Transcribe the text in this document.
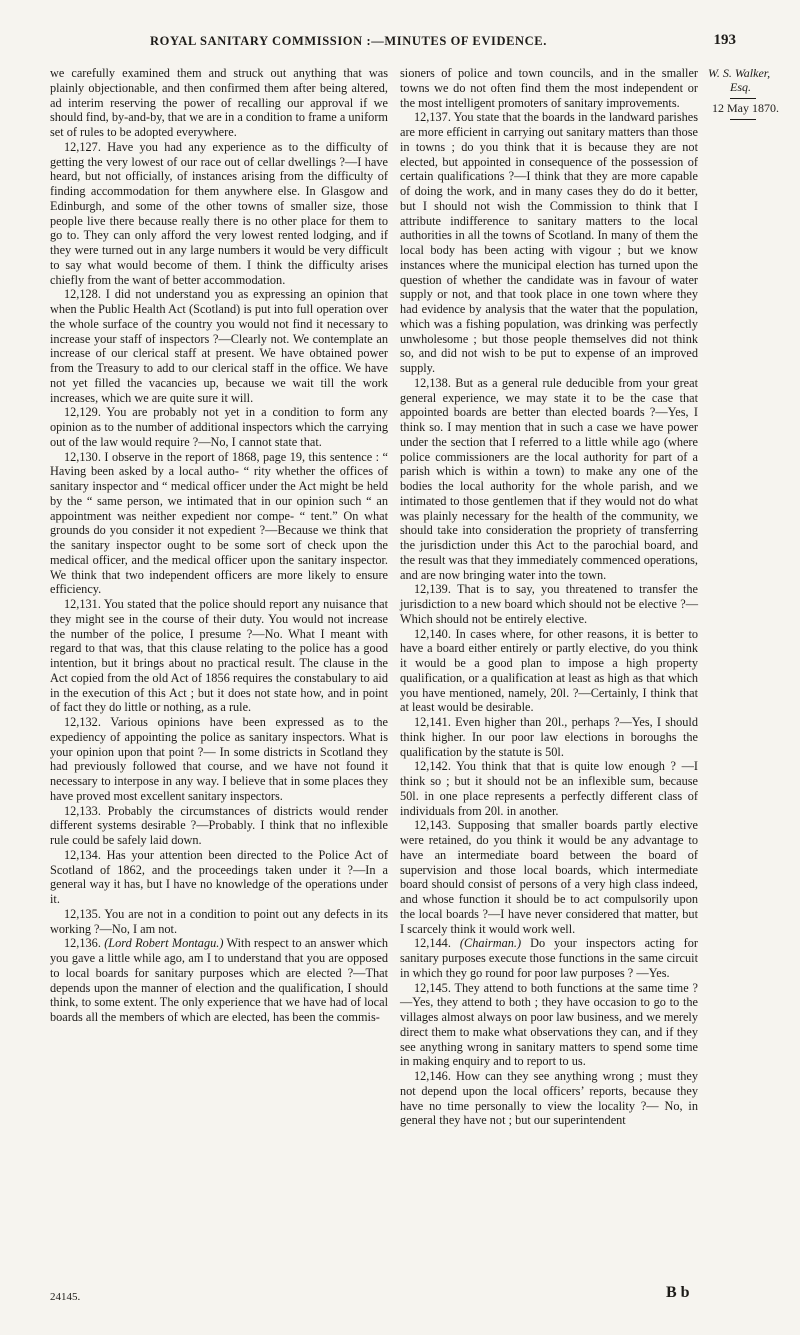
ROYAL SANITARY COMMISSION :—MINUTES OF EVIDENCE.	193

we carefully examined them and struck out anything that was plainly objectionable, and then confirmed them after being altered, ad interim reserving the power of recalling our approval if we should find, by-and-by, that we are in a condition to frame a uniform set of rules to be adopted everywhere.

12,127. Have you had any experience as to the difficulty of getting the very lowest of our race out of cellar dwellings ?—I have heard, but not officially, of instances arising from the difficulty of finding accommodation for them anywhere else. In Glasgow and Edinburgh, and some of the other towns of smaller size, those people live there because really there is no other place for them to go to. They can only afford the very lowest rented lodging, and if they were turned out in any large numbers it would be very difficult to say what would become of them. I think the difficulty arises chiefly from the want of better accommodation.

12,128. I did not understand you as expressing an opinion that when the Public Health Act (Scotland) is put into full operation over the whole surface of the country you would not find it necessary to increase your staff of inspectors ?—Clearly not. We contemplate an increase of our clerical staff at present. We have obtained power from the Treasury to add to our clerical staff in the office. We have not yet filled the vacancies up, because we wait till the work increases, which we are quite sure it will.

12,129. You are probably not yet in a condition to form any opinion as to the number of additional inspectors which the carrying out of the law would require ?—No, I cannot state that.

12,130. I observe in the report of 1868, page 19, this sentence : “ Having been asked by a local autho- “ rity whether the offices of sanitary inspector and “ medical officer under the Act might be held by the “ same person, we intimated that in our opinion such “ an appointment was neither expedient nor compe- “ tent.” On what grounds do you consider it not expedient ?—Because we think that the sanitary inspector ought to be some sort of check upon the medical officer, and the medical officer upon the sanitary inspector. We think that two independent officers are more likely to ensure efficiency.

12,131. You stated that the police should report any nuisance that they might see in the course of their duty. You would not increase the number of the police, I presume ?—No. What I meant with regard to that was, that this clause relating to the police has a good intention, but it brings about no practical result. The clause in the Act copied from the old Act of 1856 requires the constabulary to aid in the execution of this Act ; but it does not state how, and in point of fact they do little or nothing, as a rule.

12,132. Various opinions have been expressed as to the expediency of appointing the police as sanitary inspectors. What is your opinion upon that point ?— In some districts in Scotland they had previously followed that course, and we have not found it necessary to interpose in any way. I believe that in some places they have proved most excellent sanitary inspectors.

12,133. Probably the circumstances of districts would render different systems desirable ?—Probably. I think that no inflexible rule could be safely laid down.

12,134. Has your attention been directed to the Police Act of Scotland of 1862, and the proceedings taken under it ?—In a general way it has, but I have no knowledge of the operations under it.

12,135. You are not in a condition to point out any defects in its working ?—No, I am not.

12,136. (Lord Robert Montagu.) With respect to an answer which you gave a little while ago, am I to understand that you are opposed to local boards for sanitary purposes which are elected ?—That depends upon the manner of election and the qualification, I should think, to some extent. The only experience that we have had of local boards all the members of which are elected, has been the commis-

sioners of police and town councils, and in the smaller towns we do not often find them the most independent or the most intelligent promoters of sanitary improvements.

12,137. You state that the boards in the landward parishes are more efficient in carrying out sanitary matters than those in towns ; do you think that it is because they are not elected, but appointed in consequence of the possession of certain qualifications ?—I think that they are more capable of doing the work, and in many cases they do do it better, but I should not wish the Commission to think that I attribute indifference to sanitary matters to the local authorities in all the towns of Scotland. In many of them the local body has been acting with vigour ; but we know instances where the municipal election has turned upon the question of whether the candidate was in favour of water supply or not, and that took place in one town where they had evidence by analysis that the water that the population, which was a fishing population, was drinking was perfectly unwholesome ; but those people themselves did not think so, and did not wish to be put to expense of an improved supply.

12,138. But as a general rule deducible from your great general experience, we may state it to be the case that appointed boards are better than elected boards ?—Yes, I think so. I may mention that in such a case we have power under the section that I referred to a little while ago (where police commissioners are the local authority for part of a parish which is within a town) to make any one of the bodies the local authority for the whole parish, and we intimated to those gentlemen that if they would not do what was plainly necessary for the health of the community, we should take into consideration the propriety of transferring the jurisdiction under this Act to the parochial board, and the result was that they immediately commenced operations, and are now bringing water into the town.

12,139. That is to say, you threatened to transfer the jurisdiction to a new board which should not be elective ?—Which should not be entirely elective.

12,140. In cases where, for other reasons, it is better to have a board either entirely or partly elective, do you think it would be a good plan to impose a high property qualification, or a qualification at least as high as that which you have mentioned, namely, 20l. ?—Certainly, I think that at least would be desirable.

12,141. Even higher than 20l., perhaps ?—Yes, I should think higher. In our poor law elections in boroughs the qualification by the statute is 50l.

12,142. You think that that is quite low enough ? —I think so ; but it should not be an inflexible sum, because 50l. in one place represents a perfectly different class of individuals from 20l. in another.

12,143. Supposing that smaller boards partly elective were retained, do you think it would be any advantage to have an intermediate board between the board of supervision and those local boards, which intermediate board should consist of persons of a very high class indeed, and whose function it should be to act compulsorily upon the local boards ?—I have never considered that matter, but I scarcely think it would work well.

12,144. (Chairman.) Do your inspectors acting for sanitary purposes execute those functions in the same circuit in which they go round for poor law purposes ? —Yes.

12,145. They attend to both functions at the same time ?—Yes, they attend to both ; they have occasion to go to the villages almost always on poor law business, and we merely direct them to make what observations they can, and if they see anything wrong in sanitary matters to spend some time in making enquiry and to report to us.

12,146. How can they see anything wrong ; must they not depend upon the local officers’ reports, because they have no time personally to view the locality ?— No, in general they have not ; but our superintendent

W. S. Walker,
Esq.
12 May 1870.
24145.	B b
